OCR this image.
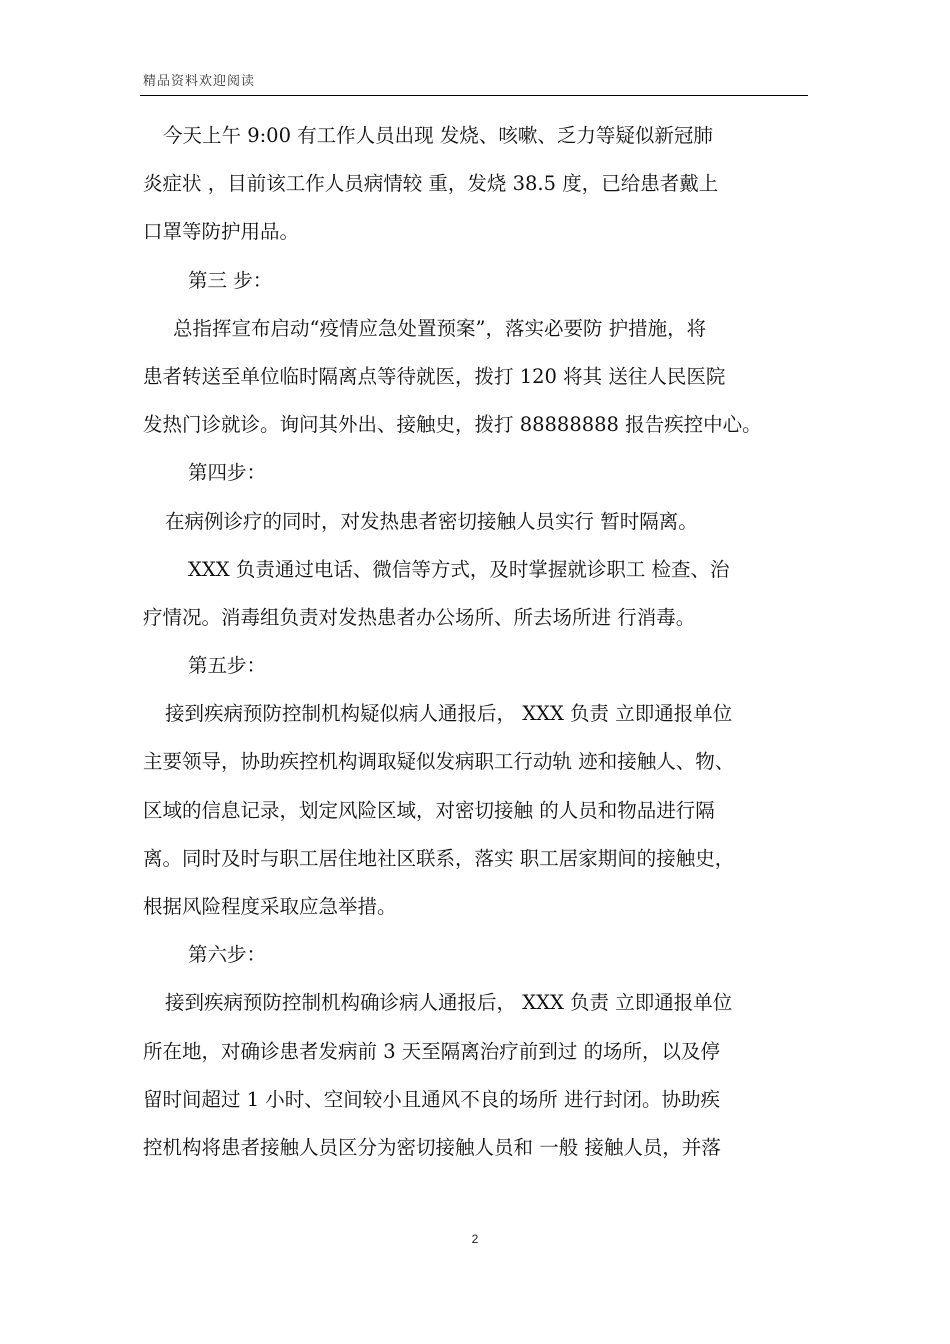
精品资料欢迎阅读
今天上午 9:00 有工作人员出现 发烧、咳嗽、乏力等疑似新冠肺
炎症状 ，目前该工作人员病情较 重，发烧 38.5 度，已给患者戴上
口罩等防护用品。
第三 步：
总指挥宣布启动“疫情应急处置预案”，落实必要防 护措施，将
患者转送至单位临时隔离点等待就医，拨打 120 将其 送往人民医院
发热门诊就诊。询问其外出、接触史，拨打 88888888 报告疾控中心。
第四步：
在病例诊疗的同时，对发热患者密切接触人员实行 暂时隔离。
XXX 负责通过电话、微信等方式，及时掌握就诊职工 检查、治
疗情况。消毒组负责对发热患者办公场所、所去场所进 行消毒。
第五步：
接到疾病预防控制机构疑似病人通报后， XXX 负责 立即通报单位
主要领导，协助疾控机构调取疑似发病职工行动轨 迹和接触人、物、
区域的信息记录，划定风险区域，对密切接触 的人员和物品进行隔
离。同时及时与职工居住地社区联系，落实 职工居家期间的接触史，
根据风险程度采取应急举措。
第六步：
接到疾病预防控制机构确诊病人通报后， XXX 负责 立即通报单位
所在地，对确诊患者发病前 3 天至隔离治疗前到过 的场所，以及停
留时间超过 1 小时、空间较小且通风不良的场所 进行封闭。协助疾
控机构将患者接触人员区分为密切接触人员和 一般 接触人员，并落
2
